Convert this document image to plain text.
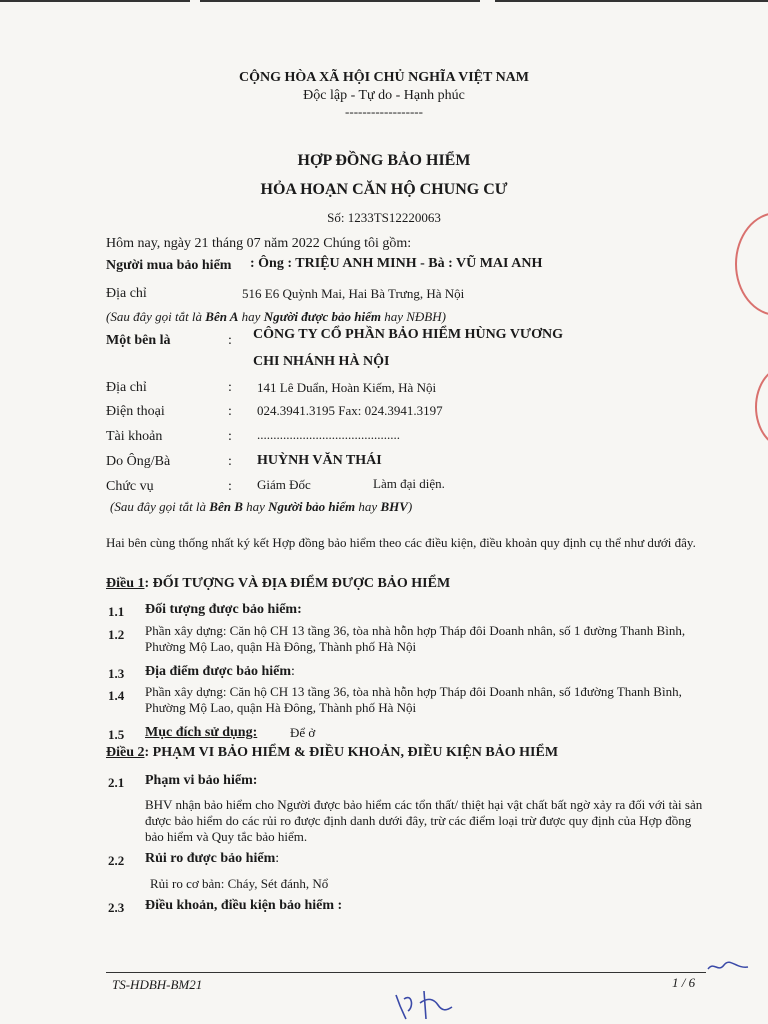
CỘNG HÒA XÃ HỘI CHỦ NGHĨA VIỆT NAM
Độc lập - Tự do - Hạnh phúc
------------------
HỢP ĐỒNG BẢO HIỂM
HỎA HOẠN CĂN HỘ CHUNG CƯ
Số: 1233TS12220063
Hôm nay, ngày 21 tháng 07 năm 2022 Chúng tôi gồm:
Người mua bảo hiểm : Ông : TRIỆU ANH MINH - Bà : VŨ MAI ANH
Địa chỉ	516 E6 Quỳnh Mai, Hai Bà Trưng, Hà Nội
(Sau đây gọi tắt là Bên A hay Người được bảo hiểm hay NĐBH)
Một bên là	: CÔNG TY CỔ PHẦN BẢO HIỂM HÙNG VƯƠNG
CHI NHÁNH HÀ NỘI
Địa chỉ	: 141 Lê Duẩn, Hoàn Kiếm, Hà Nội
Điện thoại	: 024.3941.3195 Fax: 024.3941.3197
Tài khoản	: ............................................
Do Ông/Bà	: HUỲNH VĂN THÁI
Chức vụ	: Giám Đốc	Làm đại diện.
(Sau đây gọi tắt là Bên B hay Người bảo hiểm hay BHV)
Hai bên cùng thống nhất ký kết Hợp đồng bảo hiểm theo các điều kiện, điều khoản quy định cụ thể như dưới đây.
Điều 1: ĐỐI TƯỢNG VÀ ĐỊA ĐIỂM ĐƯỢC BẢO HIỂM
1.1 Đối tượng được bảo hiểm:
1.2 Phần xây dựng: Căn hộ CH 13 tầng 36, tòa nhà hỗn hợp Tháp đôi Doanh nhân, số 1 đường Thanh Bình, Phường Mộ Lao, quận Hà Đông, Thành phố Hà Nội
1.3 Địa điểm được bảo hiểm:
1.4 Phần xây dựng: Căn hộ CH 13 tầng 36, tòa nhà hỗn hợp Tháp đôi Doanh nhân, số 1đường Thanh Bình, Phường Mộ Lao, quận Hà Đông, Thành phố Hà Nội
1.5 Mục đích sử dụng:	Để ở
Điều 2: PHẠM VI BẢO HIỂM & ĐIỀU KHOẢN, ĐIỀU KIỆN BẢO HIỂM
2.1 Phạm vi bảo hiểm:
BHV nhận bảo hiểm cho Người được bảo hiểm các tổn thất/ thiệt hại vật chất bất ngờ xảy ra đối với tài sản được bảo hiểm do các rủi ro được định danh dưới đây, trừ các điểm loại trừ được quy định của Hợp đồng bảo hiểm và Quy tắc bảo hiểm.
2.2 Rủi ro được bảo hiểm:
Rủi ro cơ bản: Cháy, Sét đánh, Nổ
2.3 Điều khoản, điều kiện bảo hiểm :
TS-HDBH-BM21	1 / 6
